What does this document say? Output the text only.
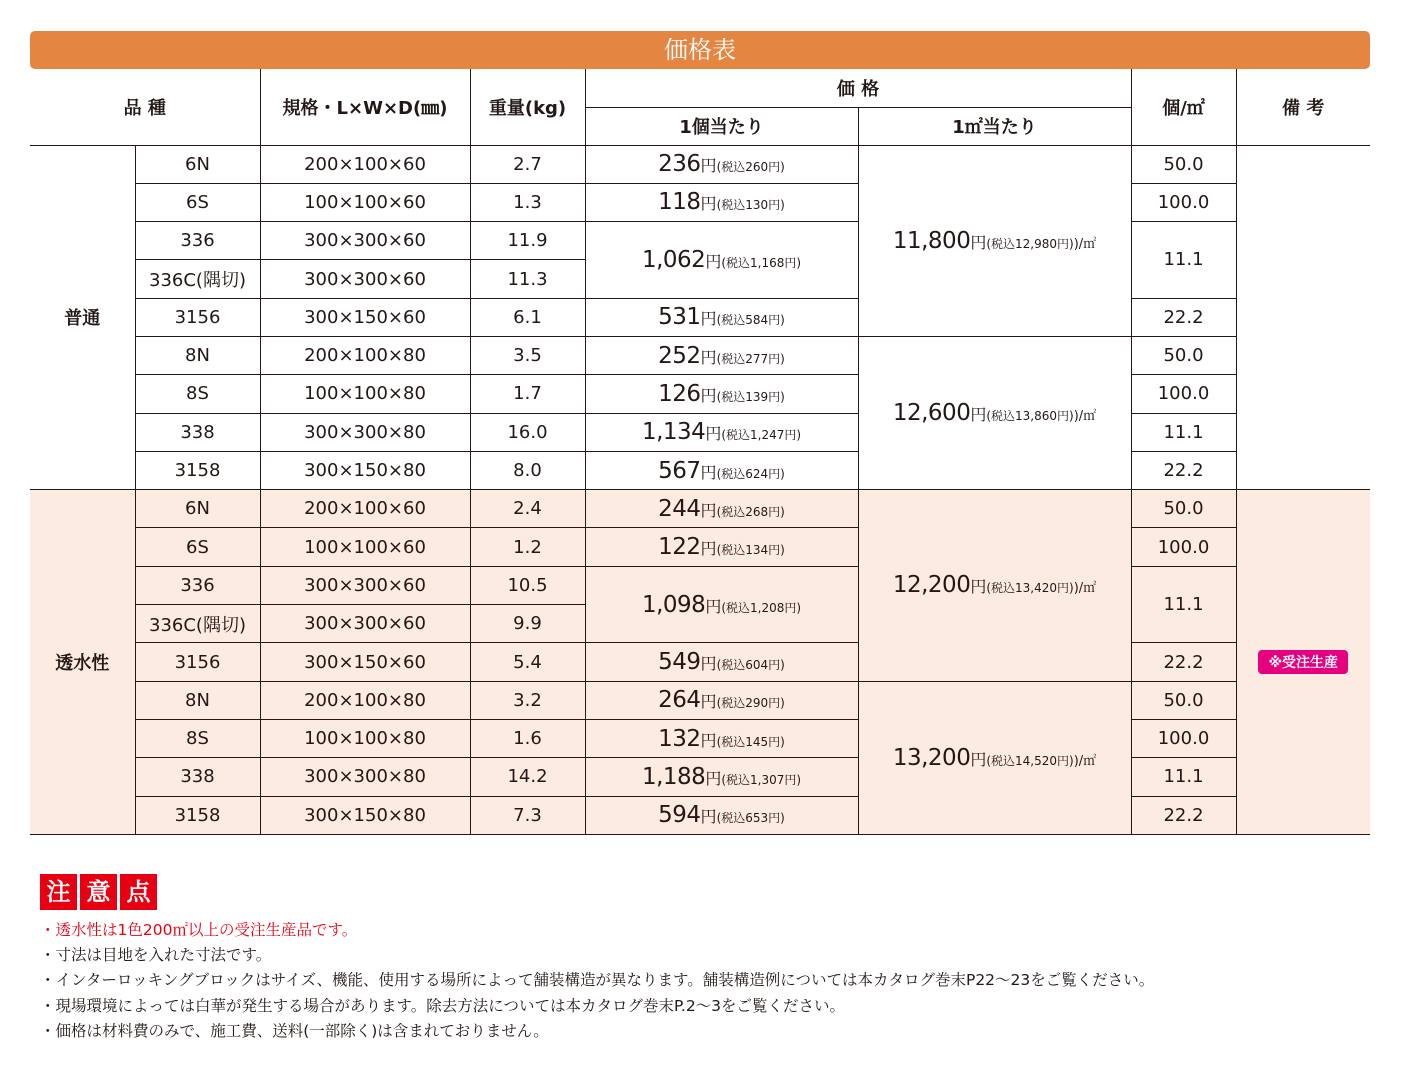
価格表
品 種		規格・L×W×D(㎜)	重量(kg)	価 格		個/㎡	備 考
				1個当たり	1㎡当たり		
普通	6N	200×100×60	2.7	236円(税込260円)	11,800円(税込12,980円))/㎡	50.0	
	6S	100×100×60	1.3	118円(税込130円)		100.0	
	336	300×300×60	11.9	1,062円(税込1,168円)		11.1	
	336C(隅切)	300×300×60	11.3				
	3156	300×150×60	6.1	531円(税込584円)		22.2	
	8N	200×100×80	3.5	252円(税込277円)	12,600円(税込13,860円))/㎡	50.0	
	8S	100×100×80	1.7	126円(税込139円)		100.0	
	338	300×300×80	16.0	1,134円(税込1,247円)		11.1	
	3158	300×150×80	8.0	567円(税込624円)		22.2	
透水性	6N	200×100×60	2.4	244円(税込268円)	12,200円(税込13,420円))/㎡	50.0	※受注生産
	6S	100×100×60	1.2	122円(税込134円)		100.0	
	336	300×300×60	10.5	1,098円(税込1,208円)		11.1	
	336C(隅切)	300×300×60	9.9				
	3156	300×150×60	5.4	549円(税込604円)		22.2	
	8N	200×100×80	3.2	264円(税込290円)	13,200円(税込14,520円))/㎡	50.0	
	8S	100×100×80	1.6	132円(税込145円)		100.0	
	338	300×300×80	14.2	1,188円(税込1,307円)		11.1	
	3158	300×150×80	7.3	594円(税込653円)		22.2	
注 意 点
・透水性は1色200㎡以上の受注生産品です。
・寸法は目地を入れた寸法です。
・インターロッキングブロックはサイズ、機能、使用する場所によって舗装構造が異なります。舗装構造例については本カタログ巻末P22〜23をご覧ください。
・現場環境によっては白華が発生する場合があります。除去方法については本カタログ巻末P.2〜3をご覧ください。
・価格は材料費のみで、施工費、送料(一部除く)は含まれておりません。
